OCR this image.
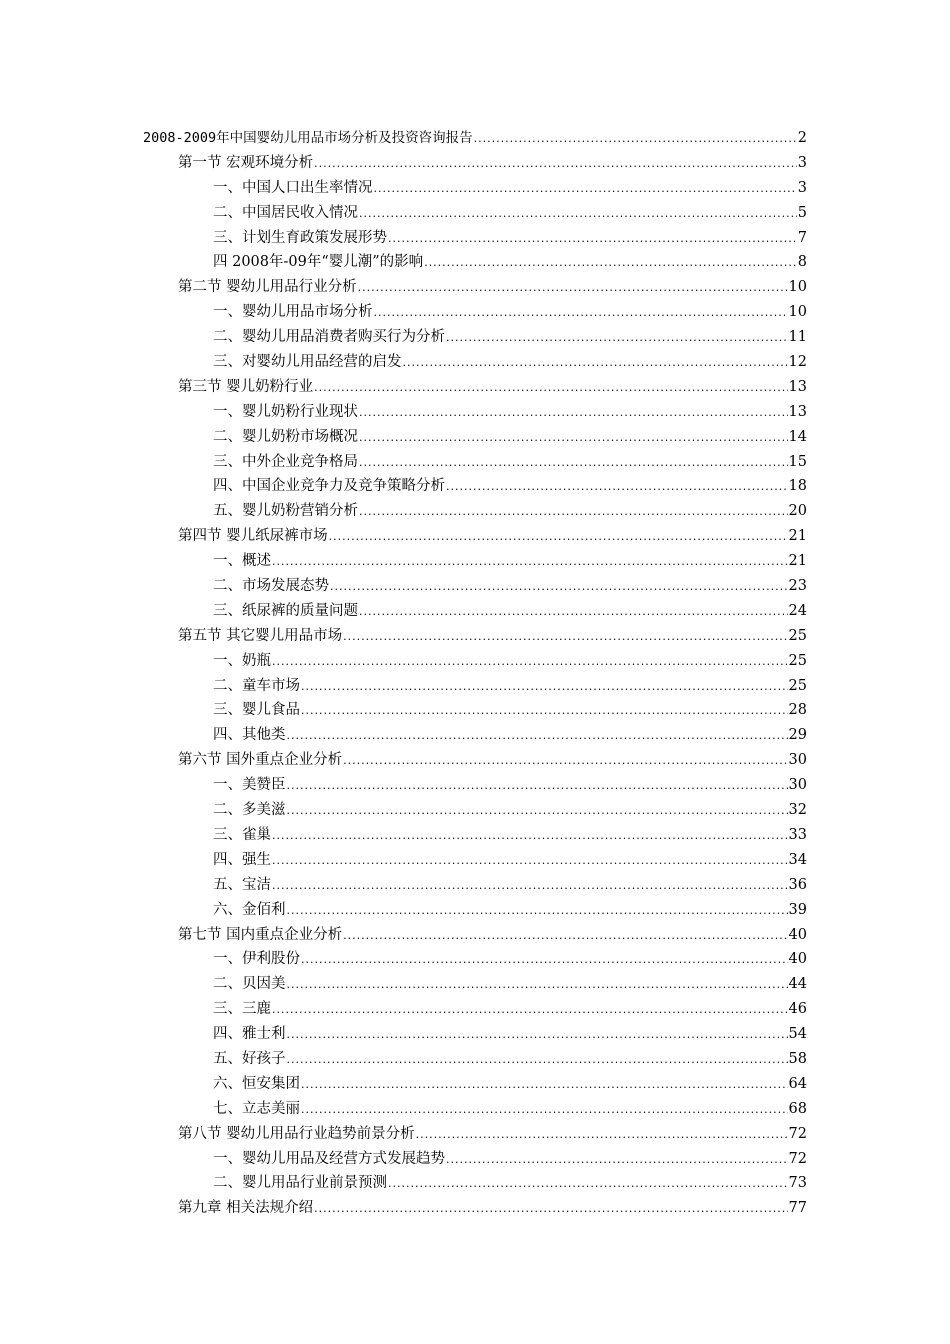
2008-2009年中国婴幼儿用品市场分析及投资咨询报告 .....	2
第一节 宏观环境分析 .....	3
一、中国人口出生率情况 .....	3
二、中国居民收入情况 .....	5
三、计划生育政策发展形势 .....	7
四 2008年-09年“婴儿潮”的影响 .....	8
第二节 婴幼儿用品行业分析 .....	10
一、婴幼儿用品市场分析 .....	10
二、婴幼儿用品消费者购买行为分析 .....	11
三、对婴幼儿用品经营的启发 .....	12
第三节 婴儿奶粉行业 .....	13
一、婴儿奶粉行业现状 .....	13
二、婴儿奶粉市场概况 .....	14
三、中外企业竞争格局 .....	15
四、中国企业竞争力及竞争策略分析 .....	18
五、婴儿奶粉营销分析 .....	20
第四节 婴儿纸尿裤市场 .....	21
一、概述 .....	21
二、市场发展态势 .....	23
三、纸尿裤的质量问题 .....	24
第五节 其它婴儿用品市场 .....	25
一、奶瓶 .....	25
二、童车市场 .....	25
三、婴儿食品 .....	28
四、其他类 .....	29
第六节 国外重点企业分析 .....	30
一、美赞臣 .....	30
二、多美滋 .....	32
三、雀巢 .....	33
四、强生 .....	34
五、宝洁 .....	36
六、金佰利 .....	39
第七节 国内重点企业分析 .....	40
一、伊利股份 .....	40
二、贝因美 .....	44
三、三鹿 .....	46
四、雅士利 .....	54
五、好孩子 .....	58
六、恒安集团 .....	64
七、立志美丽 .....	68
第八节 婴幼儿用品行业趋势前景分析 .....	72
一、婴幼儿用品及经营方式发展趋势 .....	72
二、婴儿用品行业前景预测 .....	73
第九章 相关法规介绍 .....	77
